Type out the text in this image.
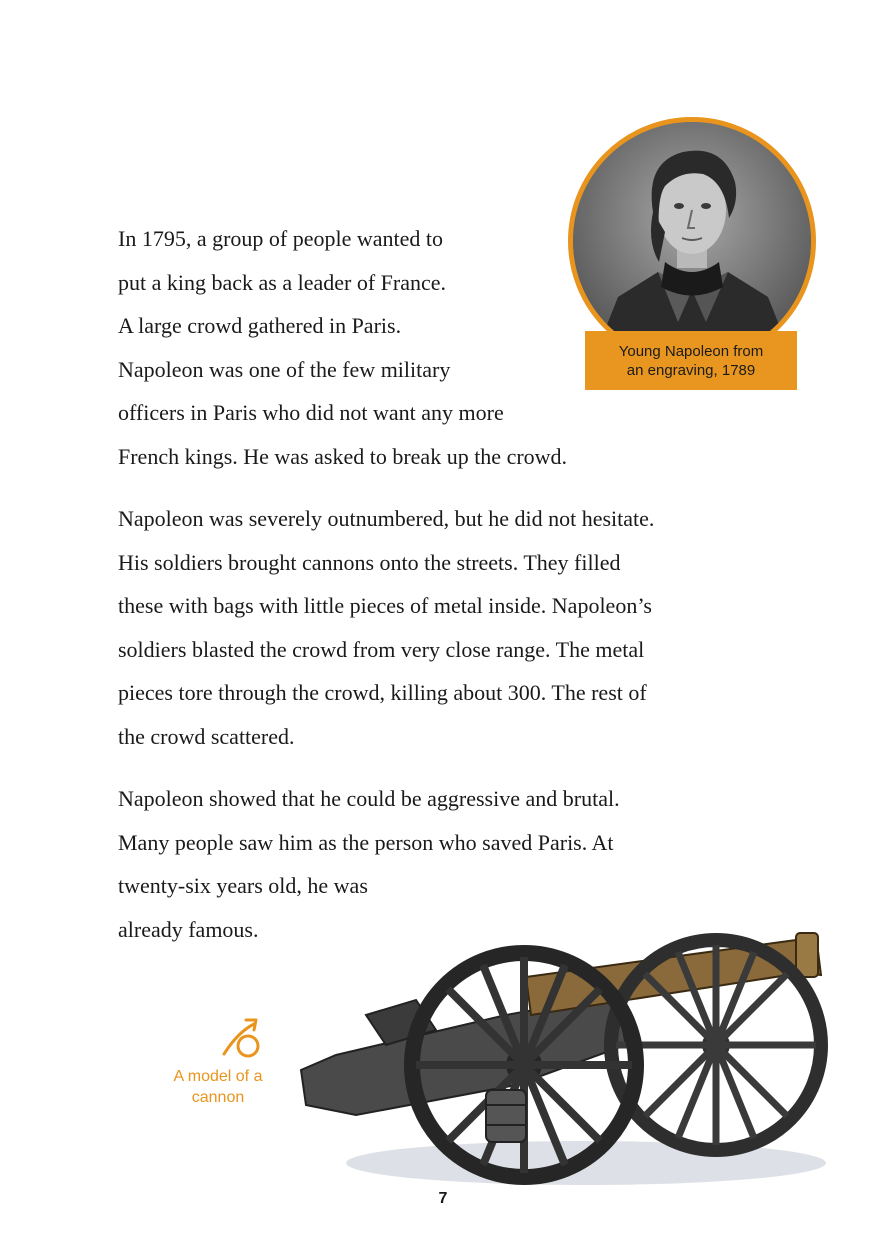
In 1795, a group of people wanted to
put a king back as a leader of France.
A large crowd gathered in Paris.
Napoleon was one of the few military
officers in Paris who did not want any more
French kings. He was asked to break up the crowd.
Napoleon was severely outnumbered, but he did not hesitate.
His soldiers brought cannons onto the streets. They filled
these with bags with little pieces of metal inside. Napoleon’s
soldiers blasted the crowd from very close range. The metal
pieces tore through the crowd, killing about 300. The rest of
the crowd scattered.
Napoleon showed that he could be aggressive and brutal.
Many people saw him as the person who saved Paris. At
twenty-six years old, he was
already famous.
Young Napoleon from
an engraving, 1789
A model of a
cannon
7
